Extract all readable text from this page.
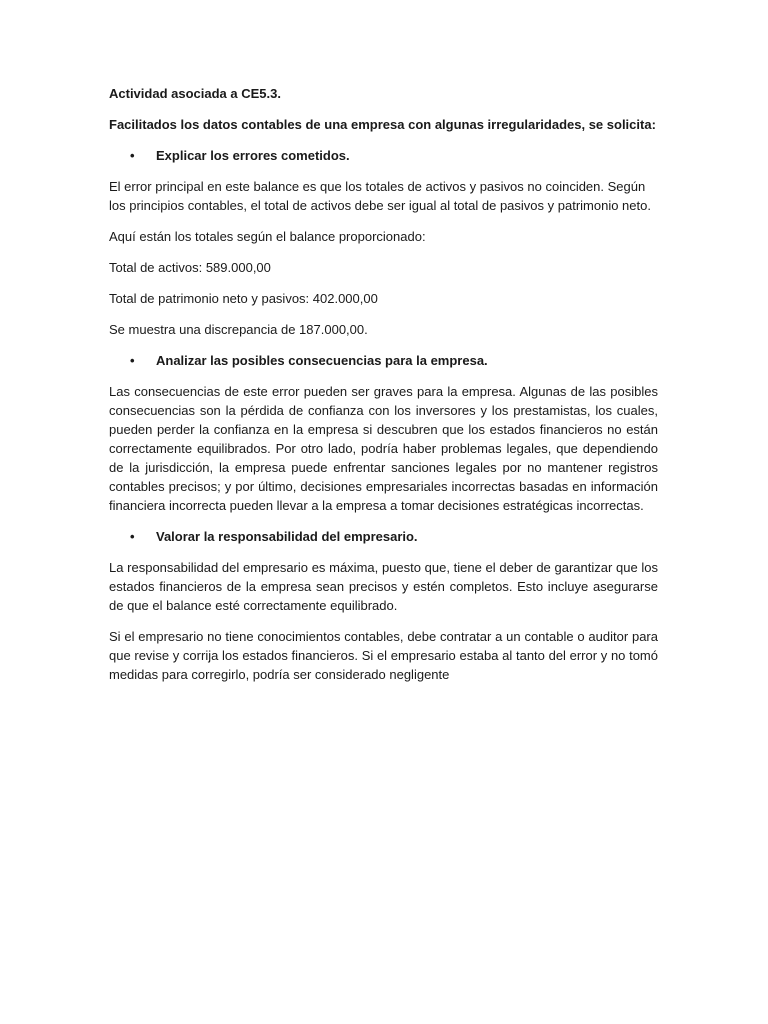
Actividad asociada a CE5.3.

Facilitados los datos contables de una empresa con algunas irregularidades, se solicita:

• Explicar los errores cometidos.

El error principal en este balance es que los totales de activos y pasivos no coinciden. Según los principios contables, el total de activos debe ser igual al total de pasivos y patrimonio neto.

Aquí están los totales según el balance proporcionado:

Total de activos: 589.000,00

Total de patrimonio neto y pasivos: 402.000,00

Se muestra una discrepancia de 187.000,00.

• Analizar las posibles consecuencias para la empresa.

Las consecuencias de este error pueden ser graves para la empresa. Algunas de las posibles consecuencias son la pérdida de confianza con los inversores y los prestamistas, los cuales, pueden perder la confianza en la empresa si descubren que los estados financieros no están correctamente equilibrados. Por otro lado, podría haber problemas legales, que dependiendo de la jurisdicción, la empresa puede enfrentar sanciones legales por no mantener registros contables precisos; y por último, decisiones empresariales incorrectas basadas en información financiera incorrecta pueden llevar a la empresa a tomar decisiones estratégicas incorrectas.

• Valorar la responsabilidad del empresario.

La responsabilidad del empresario es máxima, puesto que, tiene el deber de garantizar que los estados financieros de la empresa sean precisos y estén completos. Esto incluye asegurarse de que el balance esté correctamente equilibrado.

Si el empresario no tiene conocimientos contables, debe contratar a un contable o auditor para que revise y corrija los estados financieros. Si el empresario estaba al tanto del error y no tomó medidas para corregirlo, podría ser considerado negligente
